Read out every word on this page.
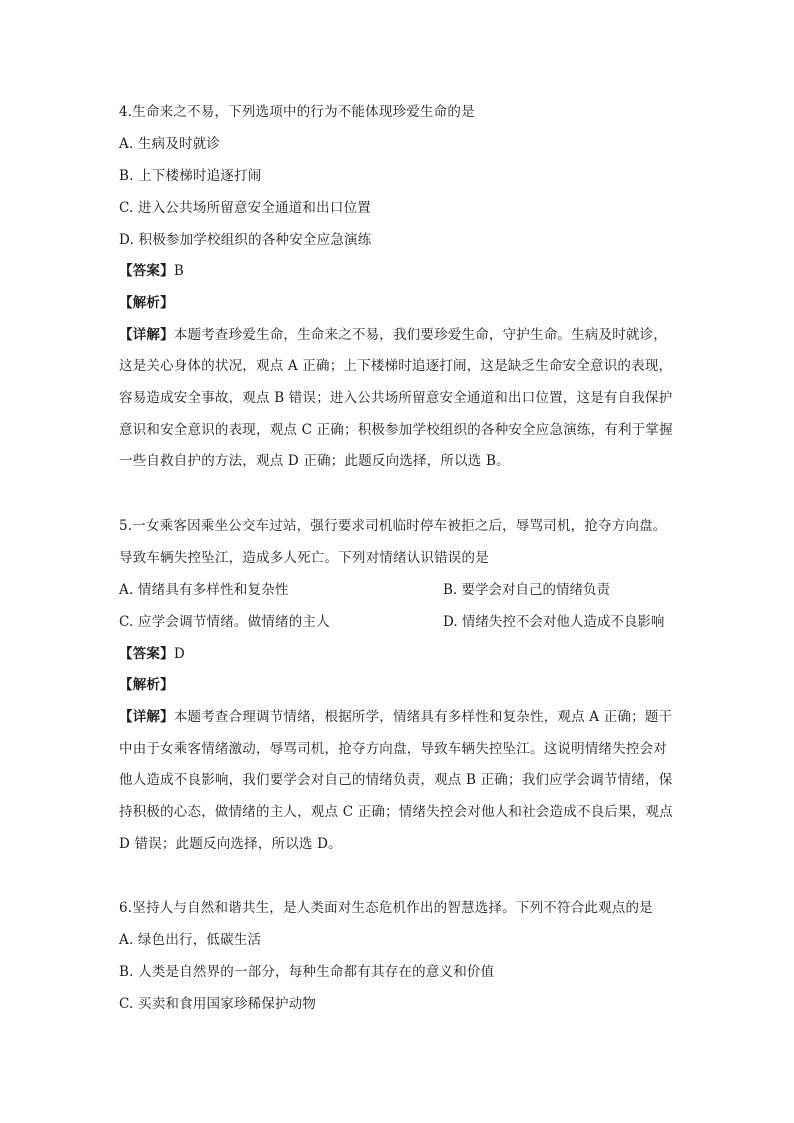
4.生命来之不易，下列选项中的行为不能体现珍爱生命的是
A. 生病及时就诊
B. 上下楼梯时追逐打闹
C. 进入公共场所留意安全通道和出口位置
D. 积极参加学校组织的各种安全应急演练
【答案】B
【解析】
【详解】本题考查珍爱生命，生命来之不易，我们要珍爱生命，守护生命。生病及时就诊，
这是关心身体的状况，观点 A 正确；上下楼梯时追逐打闹，这是缺乏生命安全意识的表现，
容易造成安全事故，观点 B 错误；进入公共场所留意安全通道和出口位置，这是有自我保护
意识和安全意识的表现，观点 C 正确；积极参加学校组织的各种安全应急演练，有利于掌握
一些自救自护的方法，观点 D 正确；此题反向选择，所以选 B。
5.一女乘客因乘坐公交车过站，强行要求司机临时停车被拒之后，辱骂司机，抢夺方向盘。
导致车辆失控坠江，造成多人死亡。下列对情绪认识错误的是
A. 情绪具有多样性和复杂性	B. 要学会对自己的情绪负责
C. 应学会调节情绪。做情绪的主人	D. 情绪失控不会对他人造成不良影响
【答案】D
【解析】
【详解】本题考查合理调节情绪，根据所学，情绪具有多样性和复杂性，观点 A 正确；题干
中由于女乘客情绪激动，辱骂司机，抢夺方向盘，导致车辆失控坠江。这说明情绪失控会对
他人造成不良影响，我们要学会对自己的情绪负责，观点 B 正确；我们应学会调节情绪，保
持积极的心态，做情绪的主人，观点 C 正确；情绪失控会对他人和社会造成不良后果，观点
D 错误；此题反向选择，所以选 D。
6.坚持人与自然和谐共生，是人类面对生态危机作出的智慧选择。下列不符合此观点的是
A. 绿色出行，低碳生活
B. 人类是自然界的一部分，每种生命都有其存在的意义和价值
C. 买卖和食用国家珍稀保护动物
